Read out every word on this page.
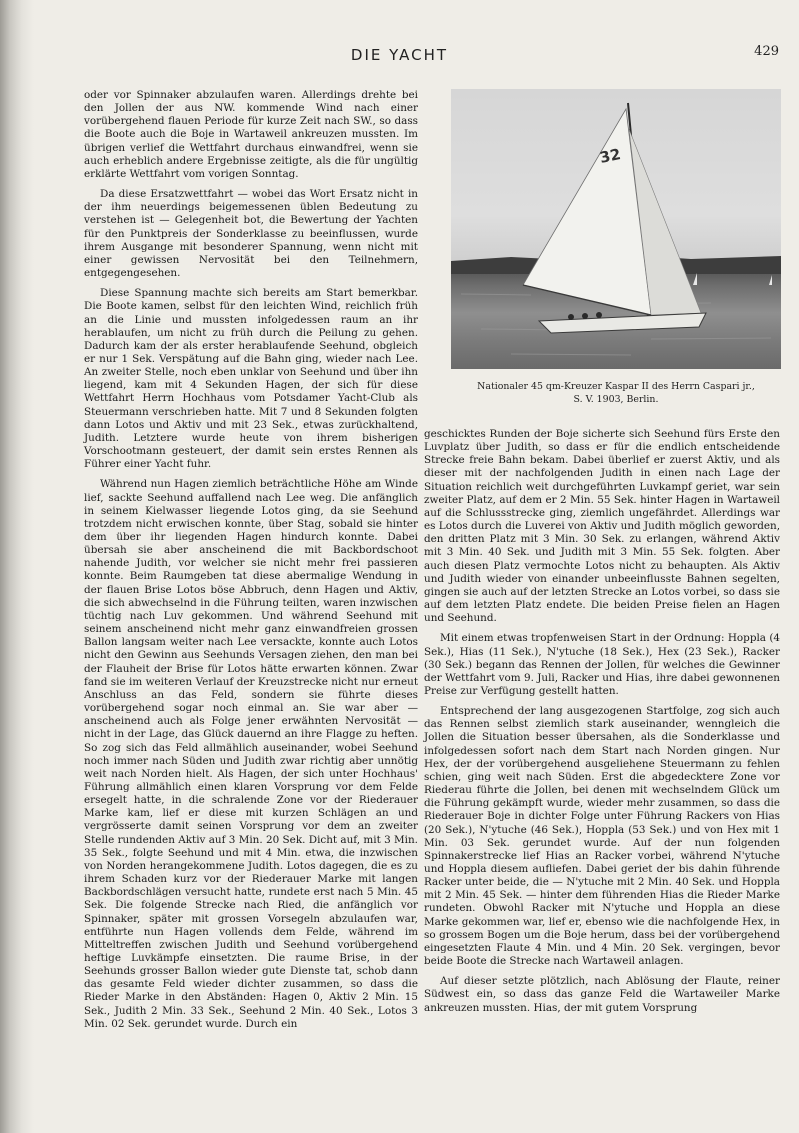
DIE YACHT	429

oder vor Spinnaker abzulaufen waren. Allerdings drehte bei den Jollen der aus NW. kommende Wind nach einer vorübergehend flauen Periode für kurze Zeit nach SW., so dass die Boote auch die Boje in Wartaweil ankreuzen mussten. Im übrigen verlief die Wettfahrt durchaus einwandfrei, wenn sie auch erheblich andere Ergebnisse zeitigte, als die für ungültig erklärte Wettfahrt vom vorigen Sonntag.

Da diese Ersatzwettfahrt — wobei das Wort Ersatz nicht in der ihm neuerdings beigemessenen üblen Bedeutung zu verstehen ist — Gelegenheit bot, die Bewertung der Yachten für den Punktpreis der Sonderklasse zu beeinflussen, wurde ihrem Ausgange mit besonderer Spannung, wenn nicht mit einer gewissen Nervosität bei den Teilnehmern, entgegengesehen.

Diese Spannung machte sich bereits am Start bemerkbar. Die Boote kamen, selbst für den leichten Wind, reichlich früh an die Linie und mussten infolgedessen raum an ihr herablaufen, um nicht zu früh durch die Peilung zu gehen. Dadurch kam der als erster herablaufende Seehund, obgleich er nur 1 Sek. Verspätung auf die Bahn ging, wieder nach Lee. An zweiter Stelle, noch eben unklar von Seehund und über ihn liegend, kam mit 4 Sekunden Hagen, der sich für diese Wettfahrt Herrn Hochhaus vom Potsdamer Yacht-Club als Steuermann verschrieben hatte. Mit 7 und 8 Sekunden folgten dann Lotos und Aktiv und mit 23 Sek., etwas zurückhaltend, Judith. Letztere wurde heute von ihrem bisherigen Vorschootmann gesteuert, der damit sein erstes Rennen als Führer einer Yacht fuhr.

Während nun Hagen ziemlich beträchtliche Höhe am Winde lief, sackte Seehund auffallend nach Lee weg. Die anfänglich in seinem Kielwasser liegende Lotos ging, da sie Seehund trotzdem nicht erwischen konnte, über Stag, sobald sie hinter dem über ihr liegenden Hagen hindurch konnte. Dabei übersah sie aber anscheinend die mit Backbordschoot nahende Judith, vor welcher sie nicht mehr frei passieren konnte. Beim Raumgeben tat diese abermalige Wendung in der flauen Brise Lotos böse Abbruch, denn Hagen und Aktiv, die sich abwechselnd in die Führung teilten, waren inzwischen tüchtig nach Luv gekommen. Und während Seehund mit seinem anscheinend nicht mehr ganz einwandfreien grossen Ballon langsam weiter nach Lee versackte, konnte auch Lotos nicht den Gewinn aus Seehunds Versagen ziehen, den man bei der Flauheit der Brise für Lotos hätte erwarten können. Zwar fand sie im weiteren Verlauf der Kreuzstrecke nicht nur erneut Anschluss an das Feld, sondern sie führte dieses vorübergehend sogar noch einmal an. Sie war aber — anscheinend auch als Folge jener erwähnten Nervosität — nicht in der Lage, das Glück dauernd an ihre Flagge zu heften. So zog sich das Feld allmählich auseinander, wobei Seehund noch immer nach Süden und Judith zwar richtig aber unnötig weit nach Norden hielt. Als Hagen, der sich unter Hochhaus' Führung allmählich einen klaren Vorsprung vor dem Felde ersegelt hatte, in die schralende Zone vor der Riederauer Marke kam, lief er diese mit kurzen Schlägen an und vergrösserte damit seinen Vorsprung vor dem an zweiter Stelle rundenden Aktiv auf 3 Min. 20 Sek. Dicht auf, mit 3 Min. 35 Sek., folgte Seehund und mit 4 Min. etwa, die inzwischen von Norden herangekommene Judith. Lotos dagegen, die es zu ihrem Schaden kurz vor der Riederauer Marke mit langen Backbordschlägen versucht hatte, rundete erst nach 5 Min. 45 Sek. Die folgende Strecke nach Ried, die anfänglich vor Spinnaker, später mit grossen Vorsegeln abzulaufen war, entführte nun Hagen vollends dem Felde, während im Mitteltreffen zwischen Judith und Seehund vorübergehend heftige Luvkämpfe einsetzten. Die raume Brise, in der Seehunds grosser Ballon wieder gute Dienste tat, schob dann das gesamte Feld wieder dichter zusammen, so dass die Rieder Marke in den Abständen: Hagen 0, Aktiv 2 Min. 15 Sek., Judith 2 Min. 33 Sek., Seehund 2 Min. 40 Sek., Lotos 3 Min. 02 Sek. gerundet wurde. Durch ein

32
Nationaler 45 qm-Kreuzer Kaspar II des Herrn Caspari jr.,
S. V. 1903, Berlin.

geschicktes Runden der Boje sicherte sich Seehund fürs Erste den Luvplatz über Judith, so dass er für die endlich entscheidende Strecke freie Bahn bekam. Dabei überlief er zuerst Aktiv, und als dieser mit der nachfolgenden Judith in einen nach Lage der Situation reichlich weit durchgeführten Luvkampf geriet, war sein zweiter Platz, auf dem er 2 Min. 55 Sek. hinter Hagen in Wartaweil auf die Schlussstrecke ging, ziemlich ungefährdet. Allerdings war es Lotos durch die Luverei von Aktiv und Judith möglich geworden, den dritten Platz mit 3 Min. 30 Sek. zu erlangen, während Aktiv mit 3 Min. 40 Sek. und Judith mit 3 Min. 55 Sek. folgten. Aber auch diesen Platz vermochte Lotos nicht zu behaupten. Als Aktiv und Judith wieder von einander unbeeinflusste Bahnen segelten, gingen sie auch auf der letzten Strecke an Lotos vorbei, so dass sie auf dem letzten Platz endete. Die beiden Preise fielen an Hagen und Seehund.

Mit einem etwas tropfenweisen Start in der Ordnung: Hoppla (4 Sek.), Hias (11 Sek.), N'ytuche (18 Sek.), Hex (23 Sek.), Racker (30 Sek.) begann das Rennen der Jollen, für welches die Gewinner der Wettfahrt vom 9. Juli, Racker und Hias, ihre dabei gewonnenen Preise zur Verfügung gestellt hatten.

Entsprechend der lang ausgezogenen Startfolge, zog sich auch das Rennen selbst ziemlich stark auseinander, wenngleich die Jollen die Situation besser übersahen, als die Sonderklasse und infolgedessen sofort nach dem Start nach Norden gingen. Nur Hex, der der vorübergehend ausgeliehene Steuermann zu fehlen schien, ging weit nach Süden. Erst die abgedecktere Zone vor Riederau führte die Jollen, bei denen mit wechselndem Glück um die Führung gekämpft wurde, wieder mehr zusammen, so dass die Riederauer Boje in dichter Folge unter Führung Rackers von Hias (20 Sek.), N'ytuche (46 Sek.), Hoppla (53 Sek.) und von Hex mit 1 Min. 03 Sek. gerundet wurde. Auf der nun folgenden Spinnakerstrecke lief Hias an Racker vorbei, während N'ytuche und Hoppla diesem aufliefen. Dabei geriet der bis dahin führende Racker unter beide, die — N'ytuche mit 2 Min. 40 Sek. und Hoppla mit 2 Min. 45 Sek. — hinter dem führenden Hias die Rieder Marke rundeten. Obwohl Racker mit N'ytuche und Hoppla an diese Marke gekommen war, lief er, ebenso wie die nachfolgende Hex, in so grossem Bogen um die Boje herum, dass bei der vorübergehend eingesetzten Flaute 4 Min. und 4 Min. 20 Sek. vergingen, bevor beide Boote die Strecke nach Wartaweil anlagen.

Auf dieser setzte plötzlich, nach Ablösung der Flaute, reiner Südwest ein, so dass das ganze Feld die Wartaweiler Marke ankreuzen mussten. Hias, der mit gutem Vorsprung
